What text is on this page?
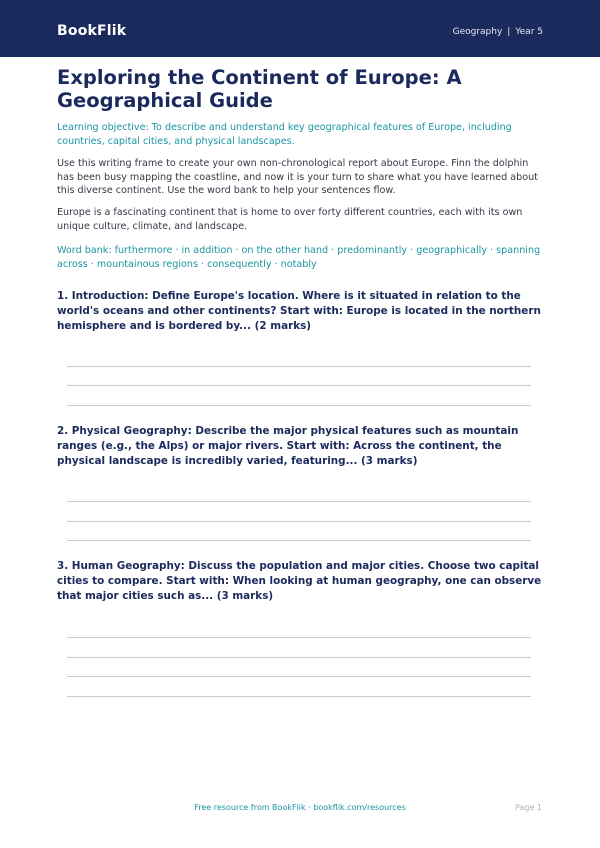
BookFlik	Geography | Year 5
Exploring the Continent of Europe: A Geographical Guide

Learning objective: To describe and understand key geographical features of Europe, including countries, capital cities, and physical landscapes.

Use this writing frame to create your own non-chronological report about Europe. Finn the dolphin has been busy mapping the coastline, and now it is your turn to share what you have learned about this diverse continent. Use the word bank to help your sentences flow.

Europe is a fascinating continent that is home to over forty different countries, each with its own unique culture, climate, and landscape.

Word bank: furthermore · in addition · on the other hand · predominantly · geographically · spanning across · mountainous regions · consequently · notably

1. Introduction: Define Europe's location. Where is it situated in relation to the world's oceans and other continents? Start with: Europe is located in the northern hemisphere and is bordered by... (2 marks)

2. Physical Geography: Describe the major physical features such as mountain ranges (e.g., the Alps) or major rivers. Start with: Across the continent, the physical landscape is incredibly varied, featuring... (3 marks)

3. Human Geography: Discuss the population and major cities. Choose two capital cities to compare. Start with: When looking at human geography, one can observe that major cities such as... (3 marks)

Free resource from BookFlik · bookflik.com/resources	Page 1
